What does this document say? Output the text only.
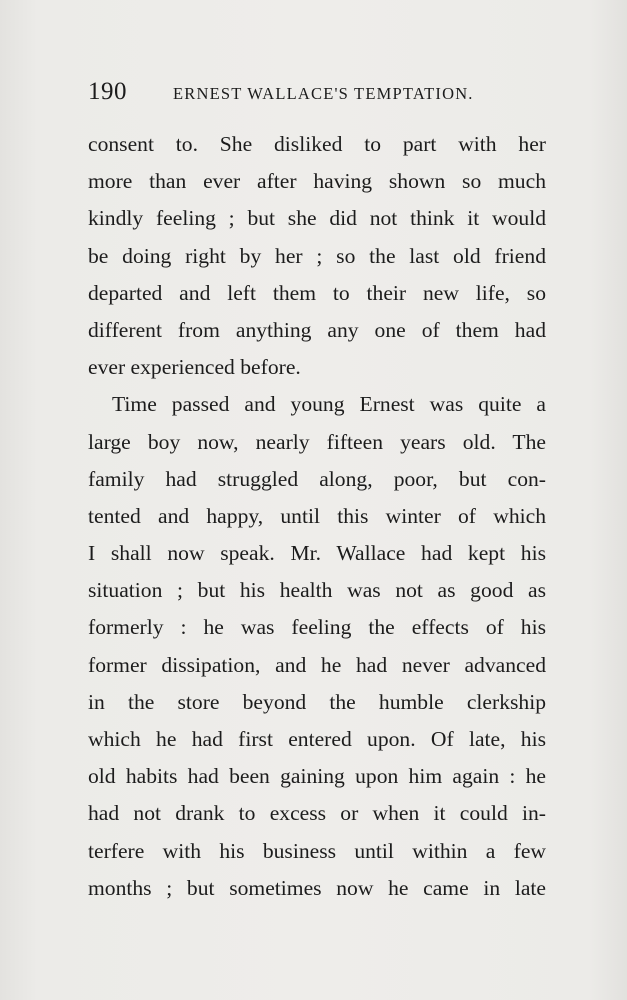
190	ERNEST WALLACE'S TEMPTATION.
consent to. She disliked to part with her
more than ever after having shown so much
kindly feeling ; but she did not think it would
be doing right by her ; so the last old friend
departed and left them to their new life, so
different from anything any one of them had
ever experienced before.
Time passed and young Ernest was quite a
large boy now, nearly fifteen years old. The
family had struggled along, poor, but con-
tented and happy, until this winter of which
I shall now speak. Mr. Wallace had kept his
situation ; but his health was not as good as
formerly : he was feeling the effects of his
former dissipation, and he had never advanced
in the store beyond the humble clerkship
which he had first entered upon. Of late, his
old habits had been gaining upon him again : he
had not drank to excess or when it could in-
terfere with his business until within a few
months ; but sometimes now he came in late
